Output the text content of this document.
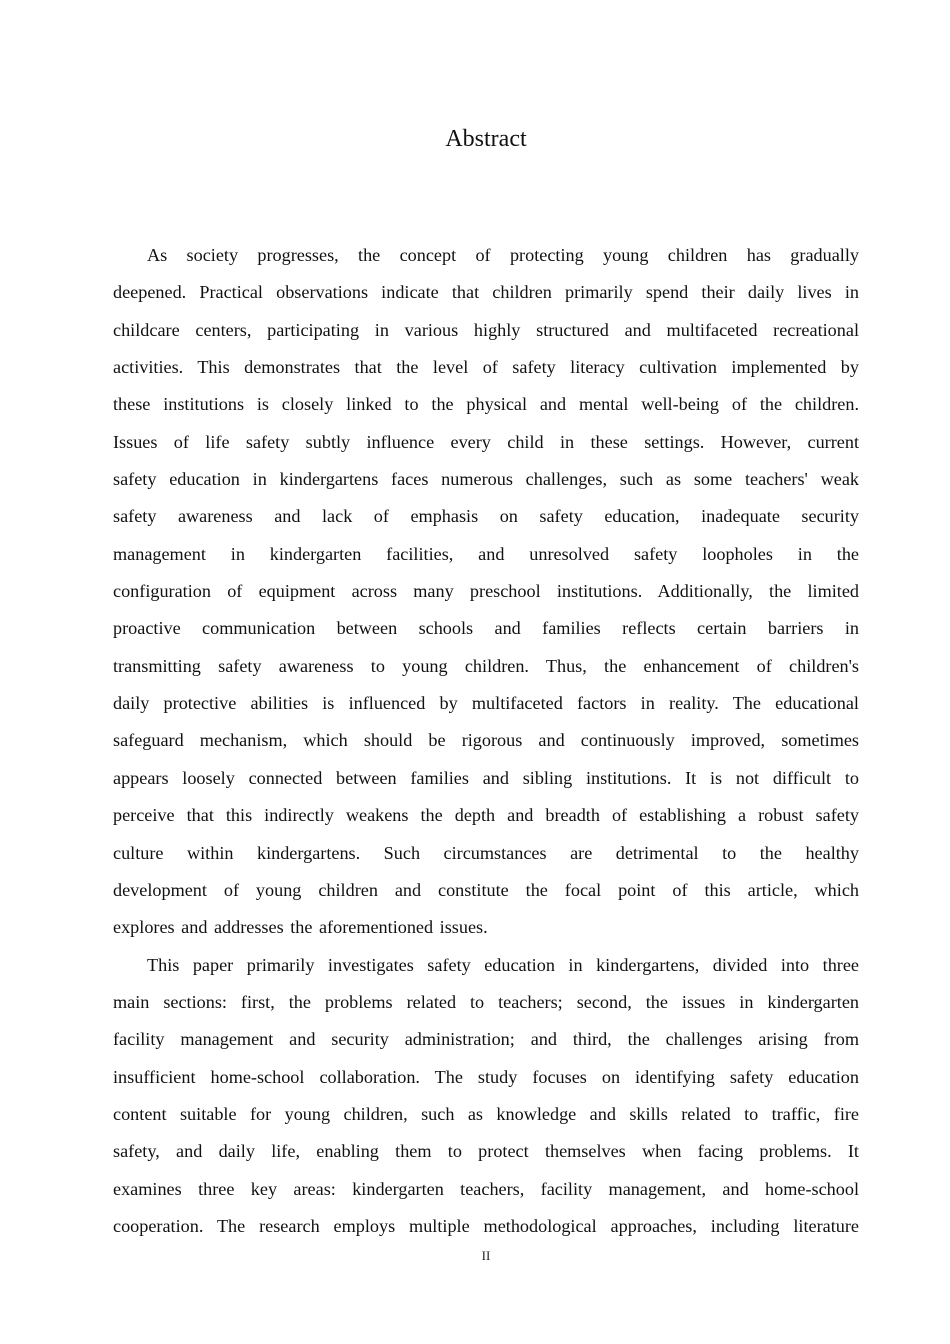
Abstract
As society progresses, the concept of protecting young children has gradually
deepened. Practical observations indicate that children primarily spend their daily lives in
childcare centers, participating in various highly structured and multifaceted recreational
activities. This demonstrates that the level of safety literacy cultivation implemented by
these institutions is closely linked to the physical and mental well-being of the children.
Issues of life safety subtly influence every child in these settings. However, current
safety education in kindergartens faces numerous challenges, such as some teachers' weak
safety awareness and lack of emphasis on safety education, inadequate security
management in kindergarten facilities, and unresolved safety loopholes in the
configuration of equipment across many preschool institutions. Additionally, the limited
proactive communication between schools and families reflects certain barriers in
transmitting safety awareness to young children. Thus, the enhancement of children's
daily protective abilities is influenced by multifaceted factors in reality. The educational
safeguard mechanism, which should be rigorous and continuously improved, sometimes
appears loosely connected between families and sibling institutions. It is not difficult to
perceive that this indirectly weakens the depth and breadth of establishing a robust safety
culture within kindergartens. Such circumstances are detrimental to the healthy
development of young children and constitute the focal point of this article, which
explores and addresses the aforementioned issues.
This paper primarily investigates safety education in kindergartens, divided into three
main sections: first, the problems related to teachers; second, the issues in kindergarten
facility management and security administration; and third, the challenges arising from
insufficient home-school collaboration. The study focuses on identifying safety education
content suitable for young children, such as knowledge and skills related to traffic, fire
safety, and daily life, enabling them to protect themselves when facing problems. It
examines three key areas: kindergarten teachers, facility management, and home-school
cooperation. The research employs multiple methodological approaches, including literature
II
